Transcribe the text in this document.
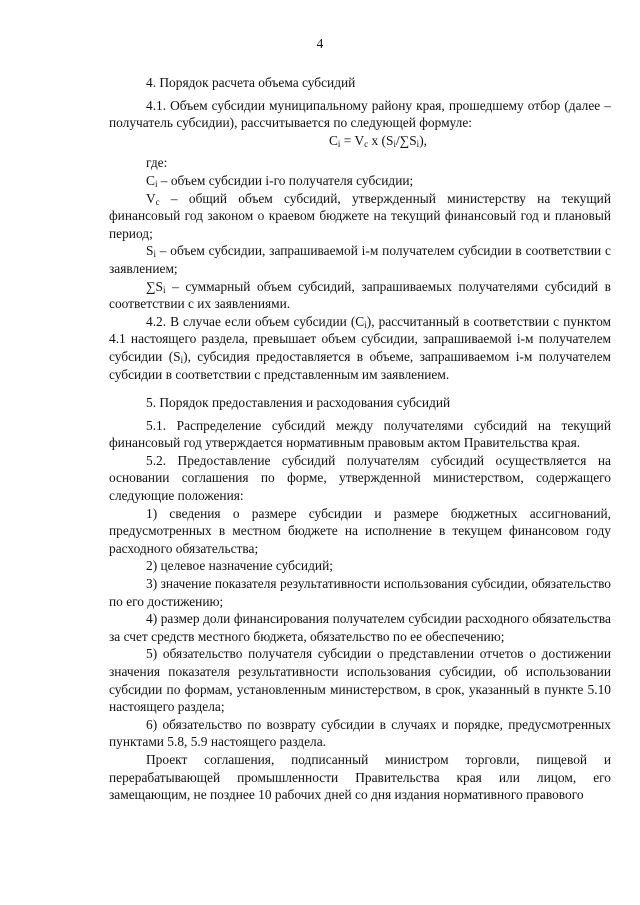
4

4. Порядок расчета объема субсидий

4.1. Объем субсидии муниципальному району края, прошедшему отбор (далее – получатель субсидии), рассчитывается по следующей формуле:

$C_i = V_c$ x $(S_i/\sum S_i)$,

где:

$C_i$ – объем субсидии i-го получателя субсидии;

$V_c$ – общий объем субсидий, утвержденный министерству на текущий финансовый год законом о краевом бюджете на текущий финансовый год и плановый период;

$S_i$ – объем субсидии, запрашиваемой i-м получателем субсидии в соответствии с заявлением;

$\sum S_i$ – суммарный объем субсидий, запрашиваемых получателями субсидий в соответствии с их заявлениями.

4.2. В случае если объем субсидии $(C_i)$, рассчитанный в соответствии с пунктом 4.1 настоящего раздела, превышает объем субсидии, запрашиваемой i-м получателем субсидии $(S_i)$, субсидия предоставляется в объеме, запрашиваемом i-м получателем субсидии в соответствии с представленным им заявлением.

5. Порядок предоставления и расходования субсидий

5.1. Распределение субсидий между получателями субсидий на текущий финансовый год утверждается нормативным правовым актом Правительства края.

5.2. Предоставление субсидий получателям субсидий осуществляется на основании соглашения по форме, утвержденной министерством, содержащего следующие положения:

1) сведения о размере субсидии и размере бюджетных ассигнований, предусмотренных в местном бюджете на исполнение в текущем финансовом году расходного обязательства;

2) целевое назначение субсидий;

3) значение показателя результативности использования субсидии, обязательство по его достижению;

4) размер доли финансирования получателем субсидии расходного обязательства за счет средств местного бюджета, обязательство по ее обеспечению;

5) обязательство получателя субсидии о представлении отчетов о достижении значения показателя результативности использования субсидии, об использовании субсидии по формам, установленным министерством, в срок, указанный в пункте 5.10 настоящего раздела;

6) обязательство по возврату субсидии в случаях и порядке, предусмотренных пунктами 5.8, 5.9 настоящего раздела.

Проект соглашения, подписанный министром торговли, пищевой и перерабатывающей промышленности Правительства края или лицом, его замещающим, не позднее 10 рабочих дней со дня издания нормативного правового
